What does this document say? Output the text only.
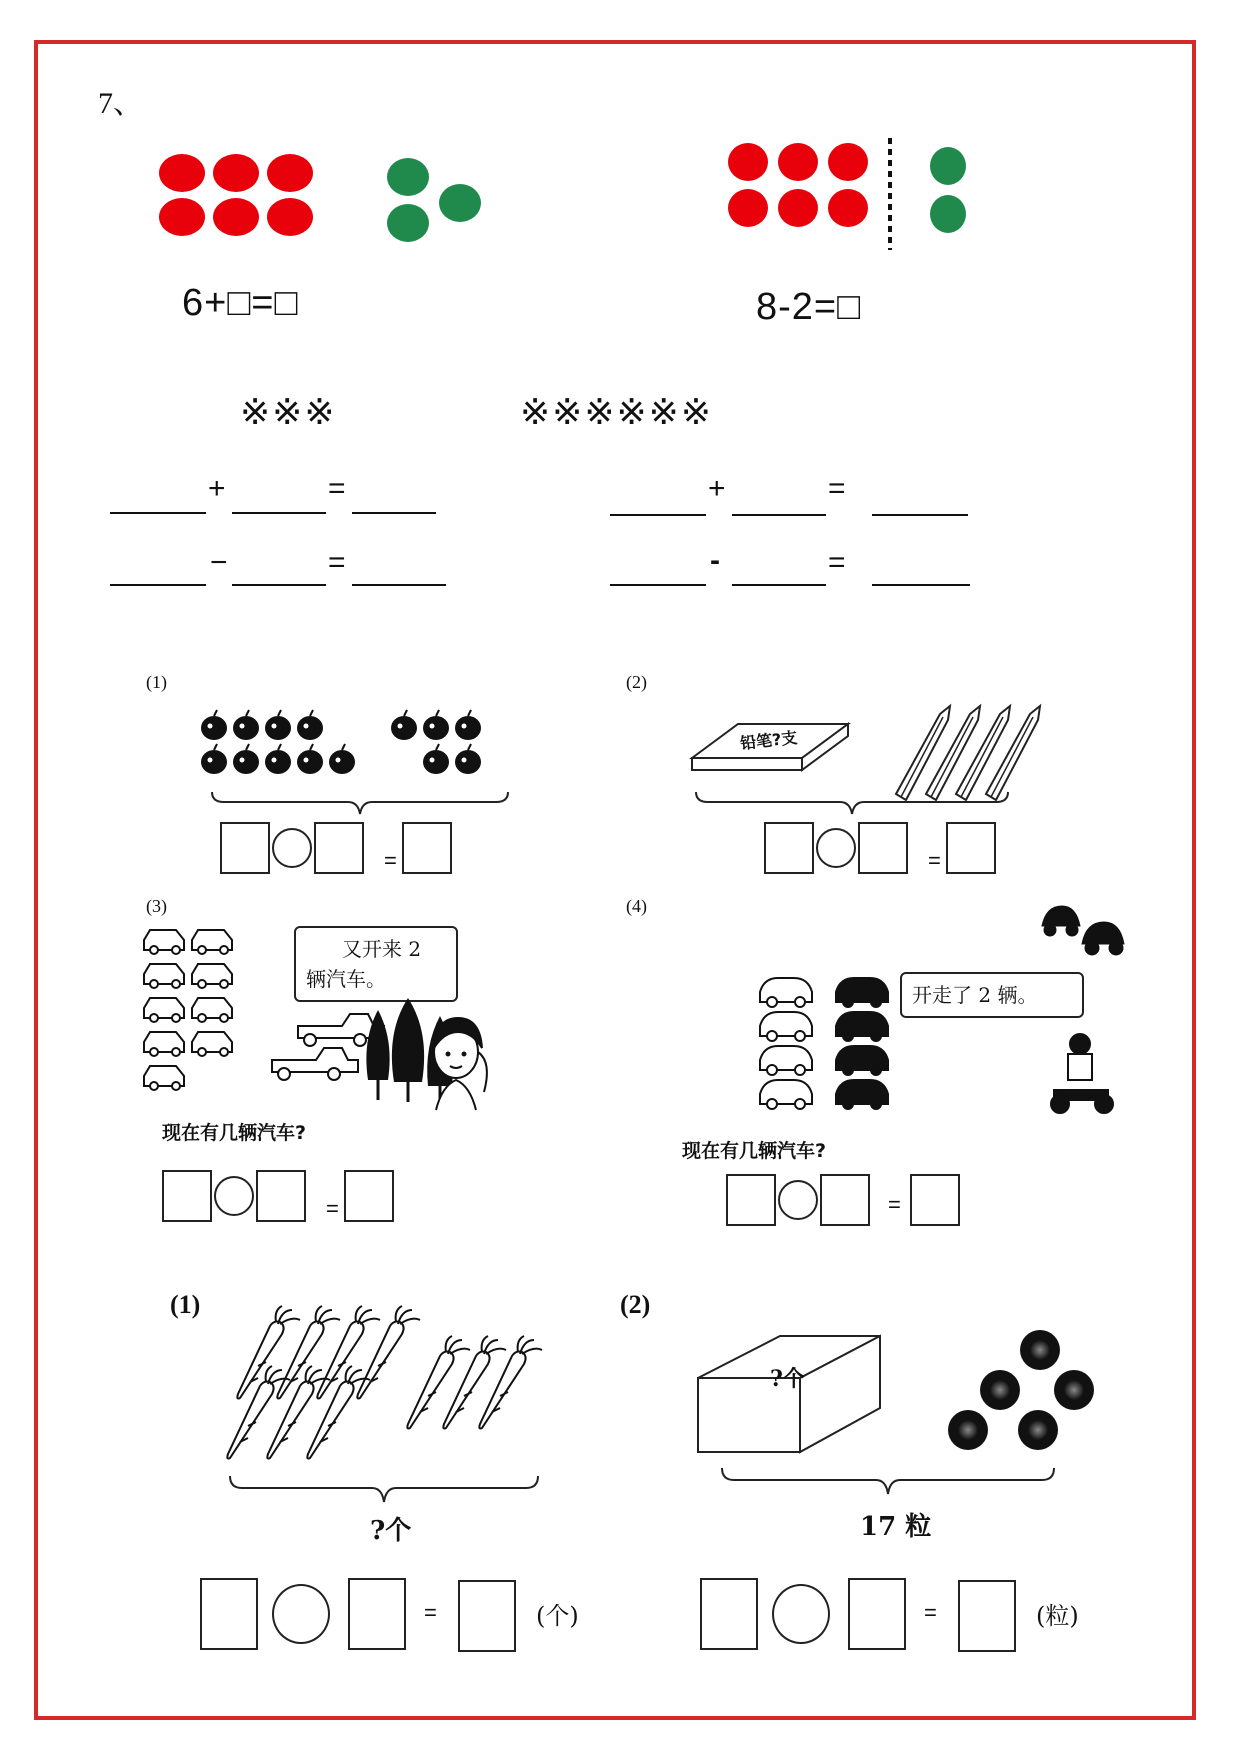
7、
6+□=□	8-2=□
※※※	※※※※※※
+	=
−	=
+	=
-	=
(1)
=
(2)
铅笔?支
=
(3)
又开来 2
辆汽车。
现在有几辆汽车?
=
(4)
开走了 2 辆。
现在有几辆汽车?
=
(1)
?个
=	(个)
(2)
?个
17 粒
=	(粒)
